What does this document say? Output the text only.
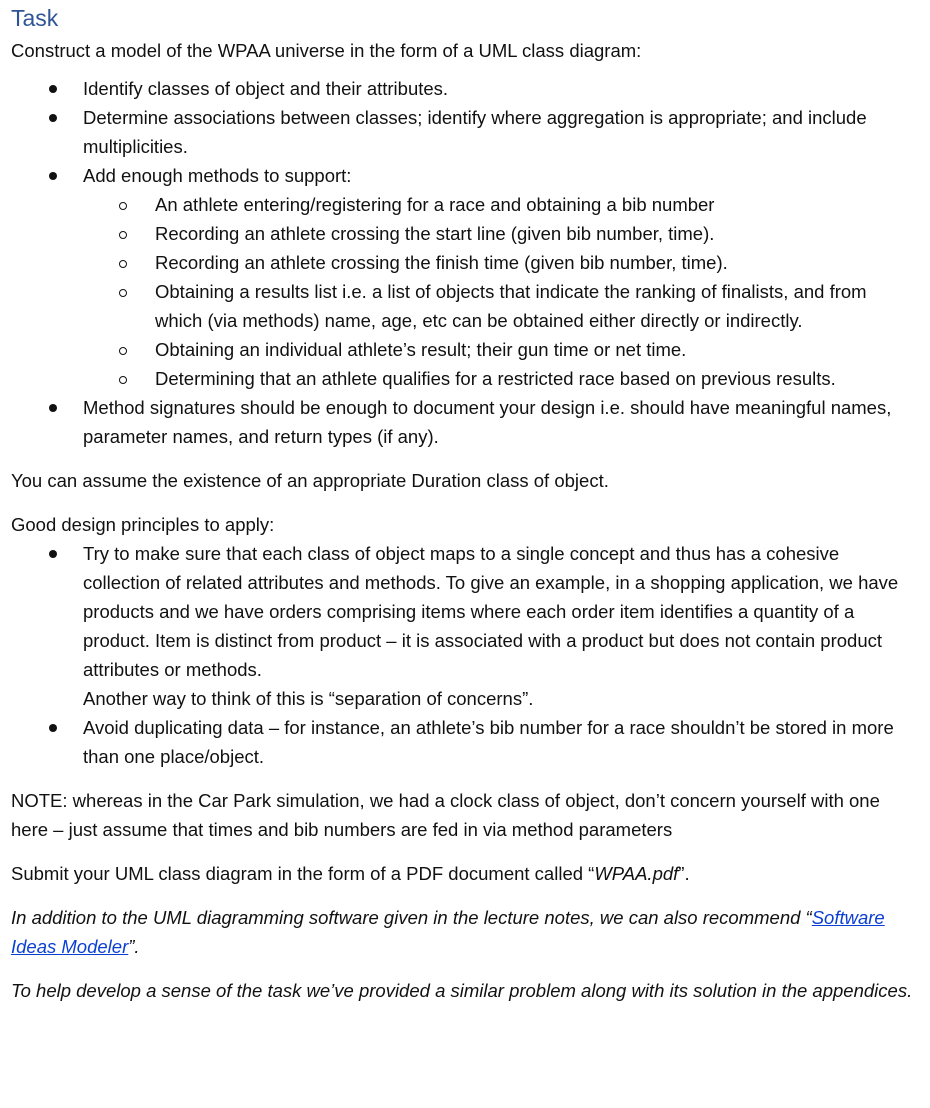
Task

Construct a model of the WPAA universe in the form of a UML class diagram:

Identify classes of object and their attributes.
Determine associations between classes; identify where aggregation is appropriate; and include multiplicities.
Add enough methods to support:
An athlete entering/registering for a race and obtaining a bib number
Recording an athlete crossing the start line (given bib number, time).
Recording an athlete crossing the finish time (given bib number, time).
Obtaining a results list i.e. a list of objects that indicate the ranking of finalists, and from which (via methods) name, age, etc can be obtained either directly or indirectly.
Obtaining an individual athlete’s result; their gun time or net time.
Determining that an athlete qualifies for a restricted race based on previous results.
Method signatures should be enough to document your design i.e. should have meaningful names, parameter names, and return types (if any).

You can assume the existence of an appropriate Duration class of object.

Good design principles to apply:

Try to make sure that each class of object maps to a single concept and thus has a cohesive collection of related attributes and methods. To give an example, in a shopping application, we have products and we have orders comprising items where each order item identifies a quantity of a product. Item is distinct from product – it is associated with a product but does not contain product attributes or methods.
Another way to think of this is “separation of concerns”.
Avoid duplicating data – for instance, an athlete’s bib number for a race shouldn’t be stored in more than one place/object.

NOTE: whereas in the Car Park simulation, we had a clock class of object, don’t concern yourself with one here – just assume that times and bib numbers are fed in via method parameters

Submit your UML class diagram in the form of a PDF document called “WPAA.pdf”.

In addition to the UML diagramming software given in the lecture notes, we can also recommend “Software Ideas Modeler”.

To help develop a sense of the task we’ve provided a similar problem along with its solution in the appendices.
